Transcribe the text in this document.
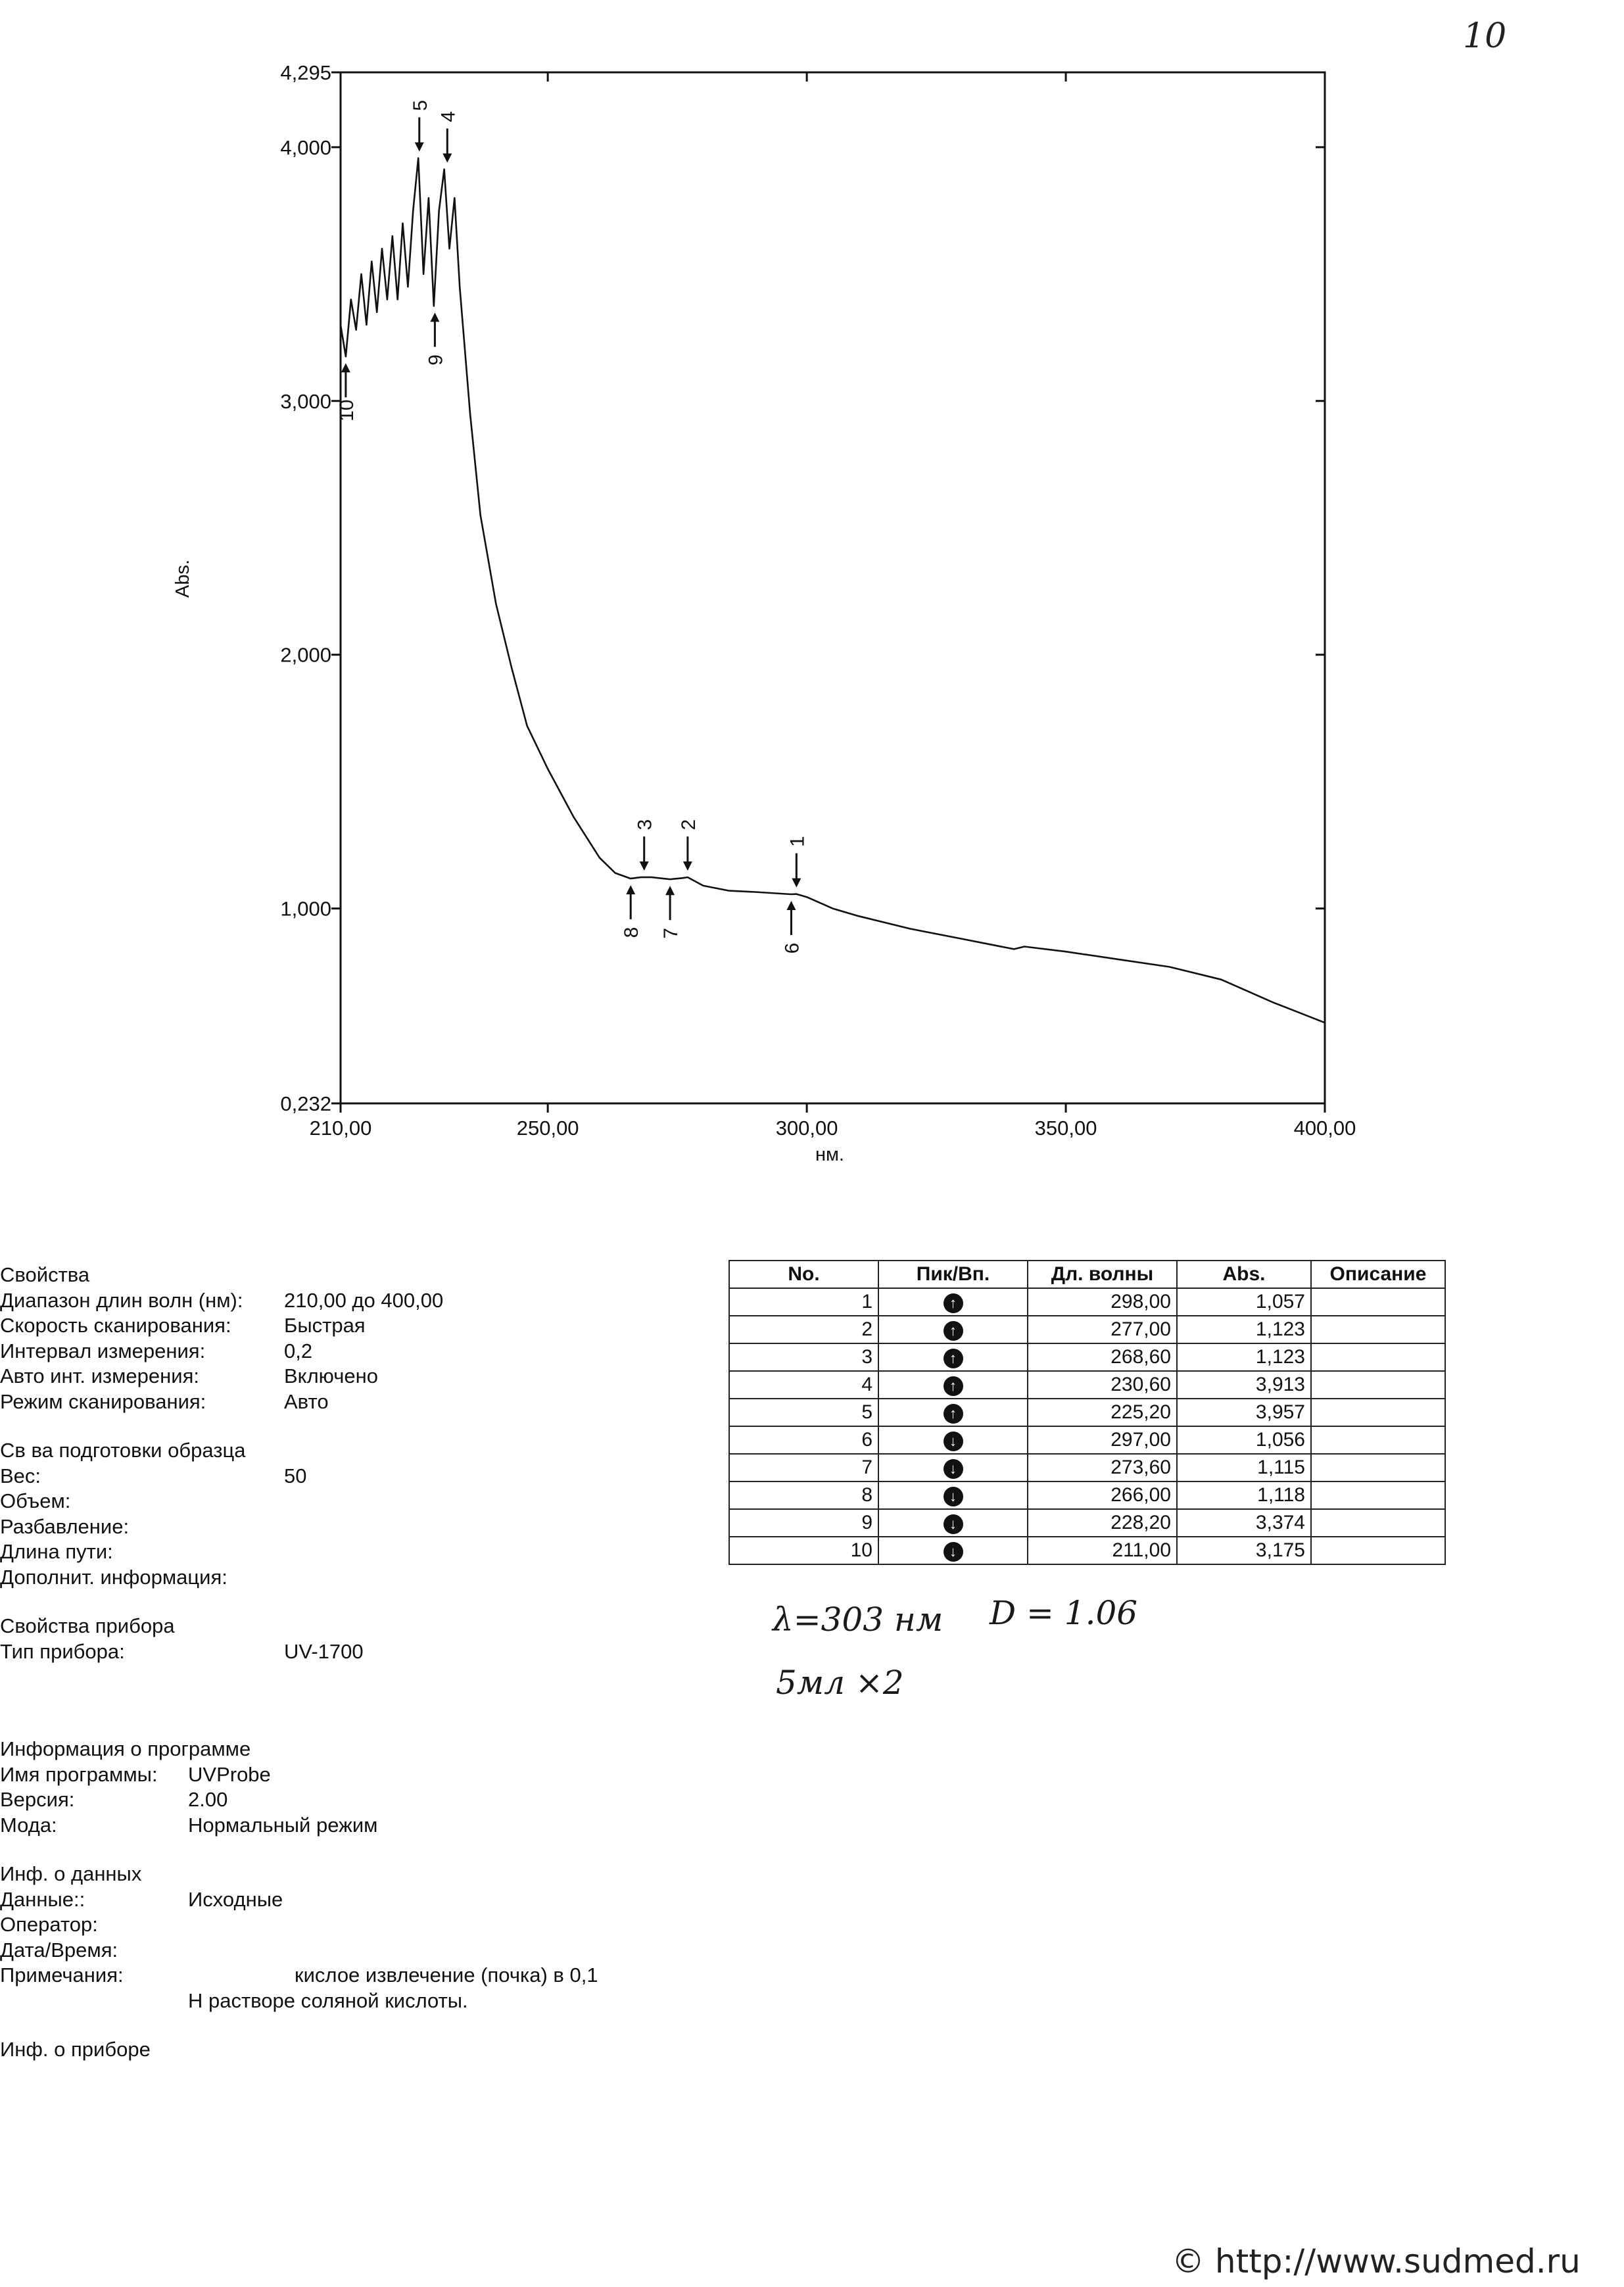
10
0,232
1,000
2,000
3,000
4,000
4,295
210,00	250,00	300,00	350,00	400,00
1
2
3
4
5
6
7
8
9
10
Abs.
нм.
Свойства
Диапазон длин волн (нм): 210,00 до 400,00
Скорость сканирования:	Быстрая
Интервал измерения:	0,2
Авто инт. измерения:	Включено
Режим сканирования:	Авто
Св ва подготовки образца
Вес:	50
Объем:
Разбавление:
Длина пути:
Дополнит. информация:
Свойства прибора
Тип прибора:	UV-1700
Информация о программе
Имя программы: UVProbe
Версия:	2.00
Мода:	Нормальный режим
Инф. о данных
Данные::	Исходные
Оператор:
Дата/Время:
Примечания:	кислое извлечение (почка) в 0,1
Н растворе соляной кислоты.
Инф. о приборе
No.	Пик/Вп.	Дл. волны	Abs.	Описание
1	↑	298,00	1,057	
2	↑	277,00	1,123	
3	↑	268,60	1,123	
4	↑	230,60	3,913	
5	↑	225,20	3,957	
6	↓	297,00	1,056	
7	↓	273,60	1,115	
8	↓	266,00	1,118	
9	↓	228,20	3,374	
10	↓	211,00	3,175	
λ=303 нм D = 1.06
5мл ×2
© http://www.sudmed.ru
